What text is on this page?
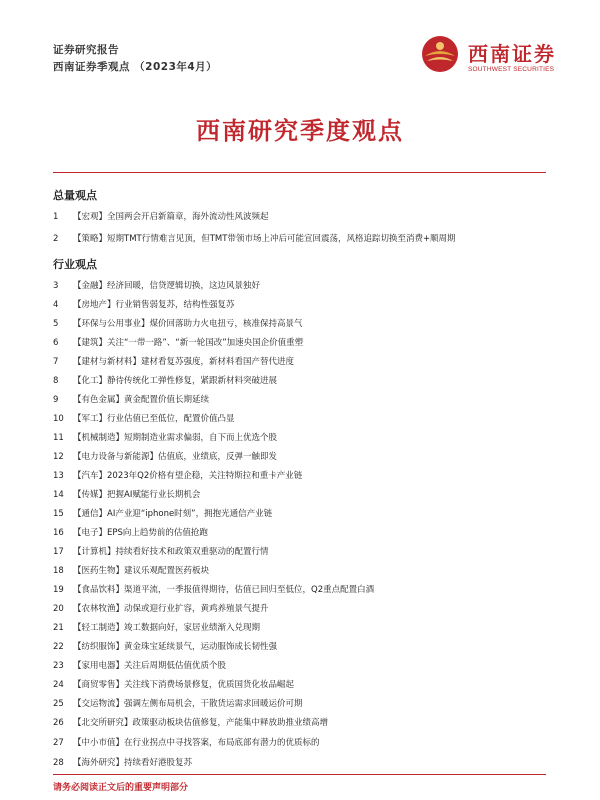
证券研究报告
西南证券季观点 （2023年4月）
西南证券
SOUTHWEST SECURITIES
西南研究季度观点
总量观点
1 【宏观】全国两会开启新篇章，海外流动性风波频起
2 【策略】短期TMT行情难言见顶，但TMT带领市场上冲后可能宣回震荡，风格追踪切换至消费+顺周期
行业观点
3 【金融】经济回暖，信贷逻辑切换，这边风景独好
4 【房地产】行业销售弱复苏，结构性强复苏
5 【环保与公用事业】煤价回落助力火电扭亏，核准保持高景气
6 【建筑】关注“一带一路”、“新一轮国改”加速央国企价值重塑
7 【建材与新材料】建材看复苏强度，新材料看国产替代进度
8 【化工】静待传统化工弹性修复，紧跟新材料突破进展
9 【有色金属】黄金配置价值长期延续
10 【军工】行业估值已至低位，配置价值凸显
11 【机械制造】短期制造业需求偏弱，自下而上优选个股
12 【电力设备与新能源】估值底，业绩底，反弹一触即发
13 【汽车】2023年Q2价格有望企稳，关注特斯拉和重卡产业链
14 【传媒】把握AI赋能行业长期机会
15 【通信】AI产业迎“iphone时刻”，拥抱光通信产业链
16 【电子】EPS向上趋势前的估值抢跑
17 【计算机】持续看好技术和政策双重驱动的配置行情
18 【医药生物】建议乐观配置医药板块
19 【食品饮料】渠道平流，一季报值得期待，估值已回归至低位，Q2重点配置白酒
20 【农林牧渔】动保或迎行业扩容，黄鸡养殖景气提升
21 【轻工制造】竣工数据向好，家居业绩渐入兑现期
22 【纺织服饰】黄金珠宝延续景气，运动服饰成长韧性强
23 【家用电器】关注后周期低估值优质个股
24 【商贸零售】关注线下消费场景修复，优质国货化妆品崛起
25 【交运物流】强调左侧布局机会，干散货运需求回暖运价可期
26 【北交所研究】政策驱动板块估值修复，产能集中释放助推业绩高增
27 【中小市值】在行业拐点中寻找答案，布局底部有潜力的优质标的
28 【海外研究】持续看好港股复苏
请务必阅读正文后的重要声明部分
